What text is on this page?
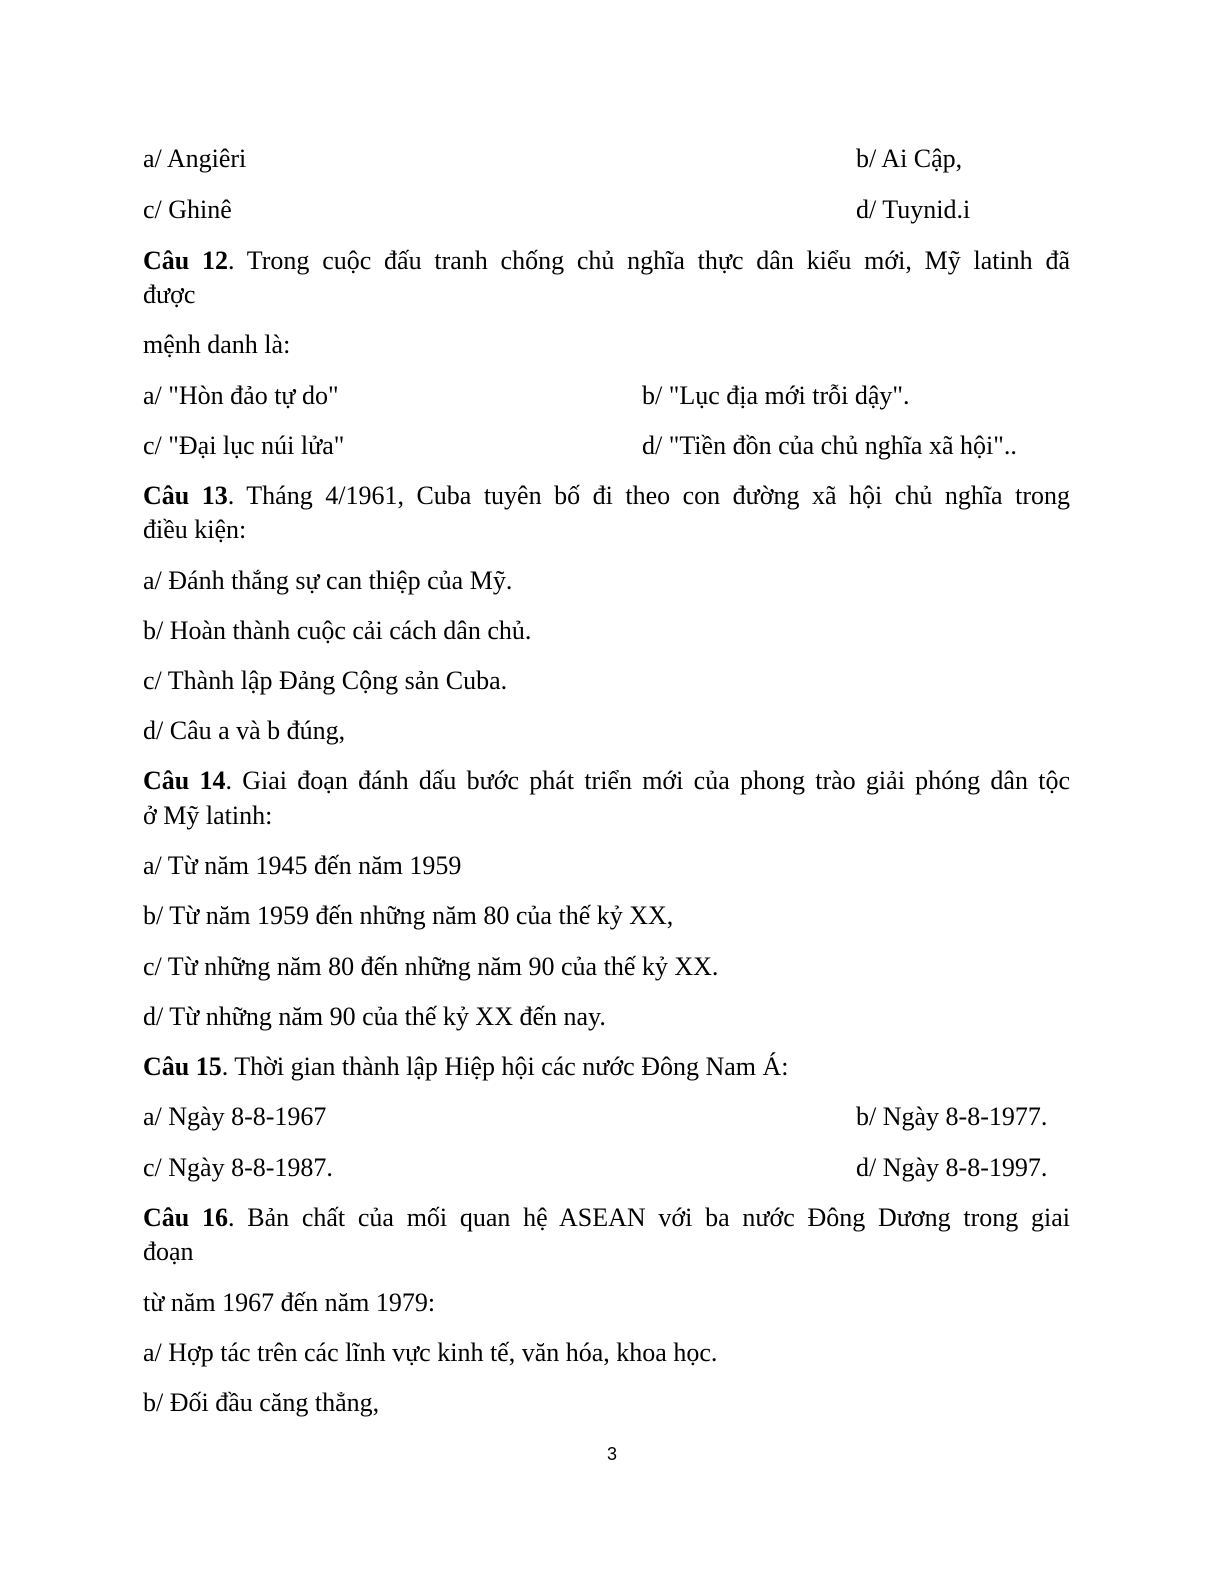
a/ Angiêri	b/ Ai Cập,
c/ Ghinê	d/ Tuynid.i
Câu 12. Trong cuộc đấu tranh chống chủ nghĩa thực dân kiểu mới, Mỹ latinh đã
được
mệnh danh là:
a/ "Hòn đảo tự do"	b/ "Lục địa mới trỗi dậy".
c/ "Đại lục núi lửa"	d/ "Tiền đồn của chủ nghĩa xã hội"..
Câu 13. Tháng 4/1961, Cuba tuyên bố đi theo con đường xã hội chủ nghĩa trong
điều kiện:
a/ Đánh thắng sự can thiệp của Mỹ.
b/ Hoàn thành cuộc cải cách dân chủ.
c/ Thành lập Đảng Cộng sản Cuba.
d/ Câu a và b đúng,
Câu 14. Giai đoạn đánh dấu bước phát triển mới của phong trào giải phóng dân tộc
ở Mỹ latinh:
a/ Từ năm 1945 đến năm 1959
b/ Từ năm 1959 đến những năm 80 của thế kỷ XX,
c/ Từ những năm 80 đến những năm 90 của thế kỷ XX.
d/ Từ những năm 90 của thế kỷ XX đến nay.
Câu 15. Thời gian thành lập Hiệp hội các nước Đông Nam Á:
a/ Ngày 8-8-1967	b/ Ngày 8-8-1977.
c/ Ngày 8-8-1987.	d/ Ngày 8-8-1997.
Câu 16. Bản chất của mối quan hệ ASEAN với ba nước Đông Dương trong giai
đoạn
từ năm 1967 đến năm 1979:
a/ Hợp tác trên các lĩnh vực kinh tế, văn hóa, khoa học.
b/ Đối đầu căng thẳng,
3
